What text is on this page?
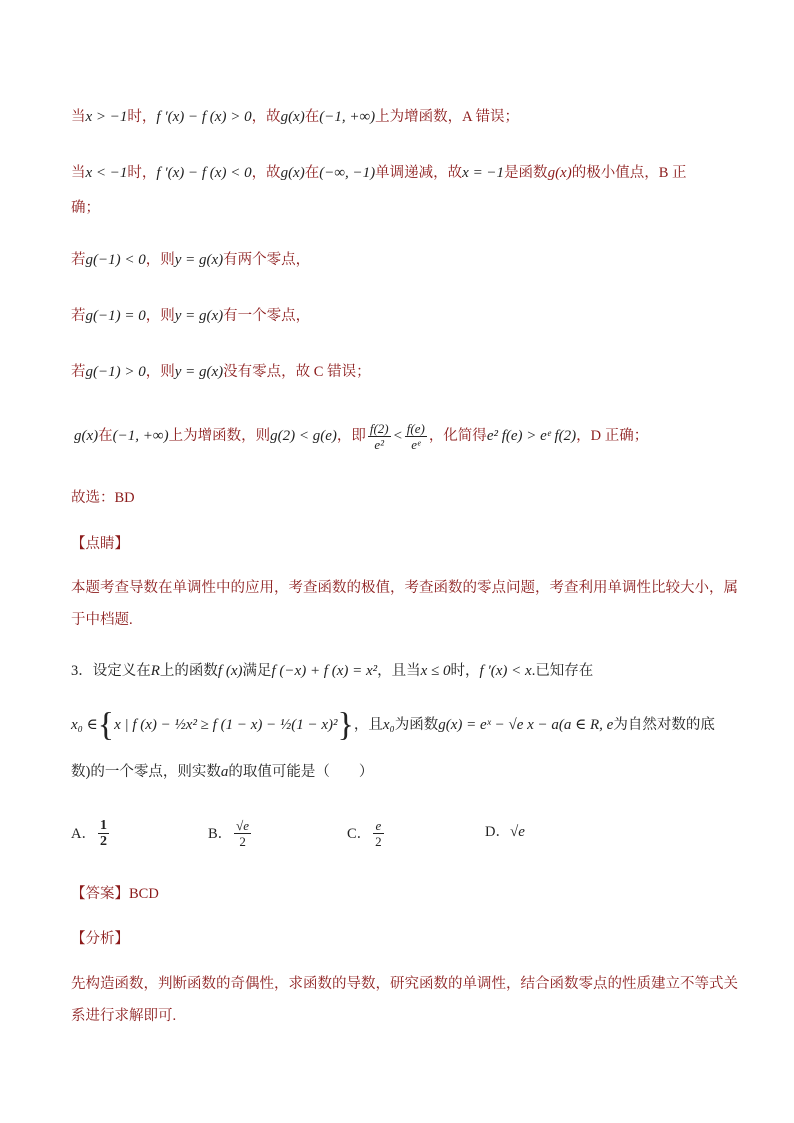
当x > −1时，f ′(x) − f (x) > 0，故g(x)在(−1, +∞)上为增函数，A 错误；
当x < −1时，f ′(x) − f (x) < 0，故g(x)在(−∞, −1)单调递减，故x = −1是函数g(x)的极小值点，B 正
确；
若g(−1) < 0，则y = g(x)有两个零点，
若g(−1) = 0，则y = g(x)有一个零点，
若g(−1) > 0，则y = g(x)没有零点，故 C 错误；
g(x)在(−1, +∞)上为增函数，则g(2) < g(e)，即 $\frac{f(2)}{\text{e²}} < \frac{f(e)}{\text{eᵉ}}$ ，化简得e² f(e) > eᵉ f(2)，D 正确；
故选：BD
【点睛】
本题考查导数在单调性中的应用，考查函数的极值，考查函数的零点问题，考查利用单调性比较大小，属
于中档题.
3．设定义在R上的函数f (x)满足f (−x) + f (x) = x²，且当x ≤ 0时，f ′(x) < x.已知存在
x₀ ∈{x | f (x) − ½x² ≥ f (1 − x) − ½(1 − x)²}，且x₀为函数g(x) = eˣ − √e x − a(a ∈ R, e为自然对数的底
数)的一个零点，则实数a的取值可能是（　　）
A． $\frac{1}{2}$	B． $\frac{√e}{2}$	C． $\frac{e}{2}$	D．√e
【答案】BCD
【分析】
先构造函数，判断函数的奇偶性，求函数的导数，研究函数的单调性，结合函数零点的性质建立不等式关
系进行求解即可.
